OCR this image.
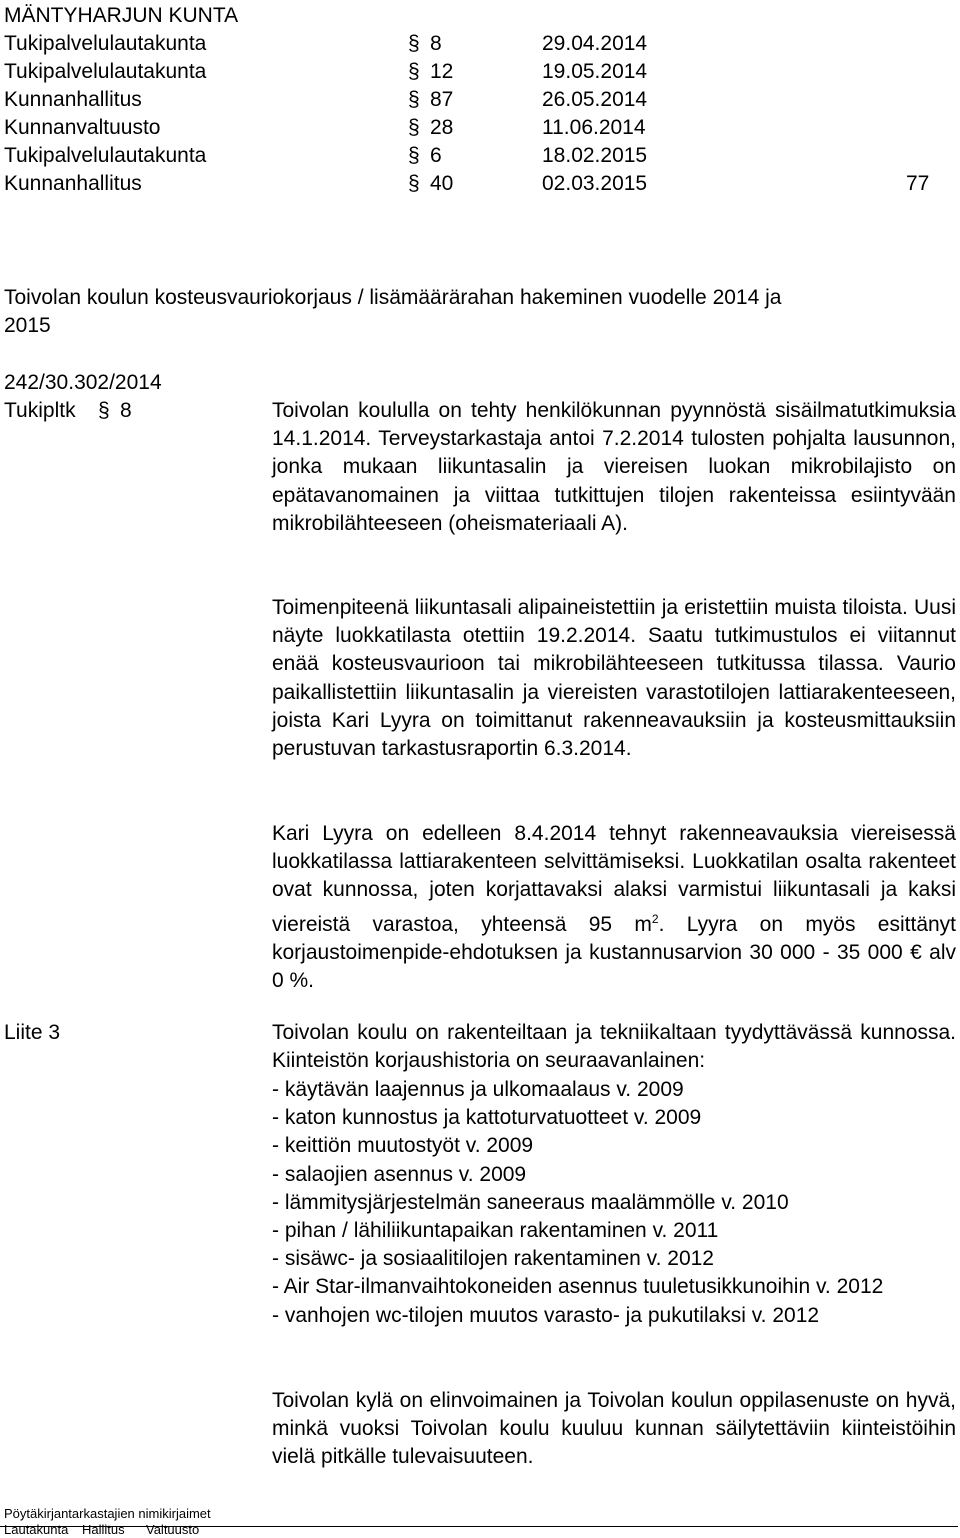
MÄNTYHARJUN KUNTA
Tukipalvelulautakunta	§ 8	29.04.2014
Tukipalvelulautakunta	§ 12	19.05.2014
Kunnanhallitus	§ 87	26.05.2014
Kunnanvaltuusto	§ 28	11.06.2014
Tukipalvelulautakunta	§ 6	18.02.2015
Kunnanhallitus	§ 40	02.03.2015	77
Toivolan koulun kosteusvauriokorjaus / lisämäärärahan hakeminen vuodelle 2014 ja
2015
242/30.302/2014
Tukipltk § 8
Liite 3

Toivolan koululla on tehty henkilökunnan pyynnöstä sisäilmatutkimuksia 14.1.2014. Terveystarkastaja antoi 7.2.2014 tulosten pohjalta lausunnon, jonka mukaan liikuntasalin ja viereisen luokan mikrobilajisto on epätavanomainen ja viittaa tutkittujen tilojen rakenteissa esiintyvään mikrobilähteeseen (oheismateriaali A).

Toimenpiteenä liikuntasali alipaineistettiin ja eristettiin muista tiloista. Uusi näyte luokkatilasta otettiin 19.2.2014. Saatu tutkimustulos ei viitannut enää kosteusvaurioon tai mikrobilähteeseen tutkitussa tilassa. Vaurio paikallistettiin liikuntasalin ja viereisten varastotilojen lattiarakenteeseen, joista Kari Lyyra on toimittanut rakenneavauksiin ja kosteusmittauksiin perustuvan tarkastusraportin 6.3.2014.

Kari Lyyra on edelleen 8.4.2014 tehnyt rakenneavauksia viereisessä luokkatilassa lattiarakenteen selvittämiseksi. Luokkatilan osalta rakenteet ovat kunnossa, joten korjattavaksi alaksi varmistui liikuntasali ja kaksi viereistä varastoa, yhteensä 95 $m^2$. Lyyra on myös esittänyt korjaustoimenpide-ehdotuksen ja kustannusarvion 30 000 - 35 000 € alv 0 %.

Toivolan koulu on rakenteiltaan ja tekniikaltaan tyydyttävässä kunnossa. Kiinteistön korjaushistoria on seuraavanlainen:

- käytävän laajennus ja ulkomaalaus v. 2009
- katon kunnostus ja kattoturvatuotteet v. 2009
- keittiön muutostyöt v. 2009
- salaojien asennus v. 2009
- lämmitysjärjestelmän saneeraus maalämmölle v. 2010
- pihan / lähiliikuntapaikan rakentaminen v. 2011
- sisäwc- ja sosiaalitilojen rakentaminen v. 2012
- Air Star-ilmanvaihtokoneiden asennus tuuletusikkunoihin v. 2012
- vanhojen wc-tilojen muutos varasto- ja pukutilaksi v. 2012

Toivolan kylä on elinvoimainen ja Toivolan koulun oppilasenuste on hyvä, minkä vuoksi Toivolan koulu kuuluu kunnan säilytettäviin kiinteistöihin vielä pitkälle tulevaisuuteen.

Pöytäkirjantarkastajien nimikirjaimet
Lautakunta Hallitus Valtuusto
